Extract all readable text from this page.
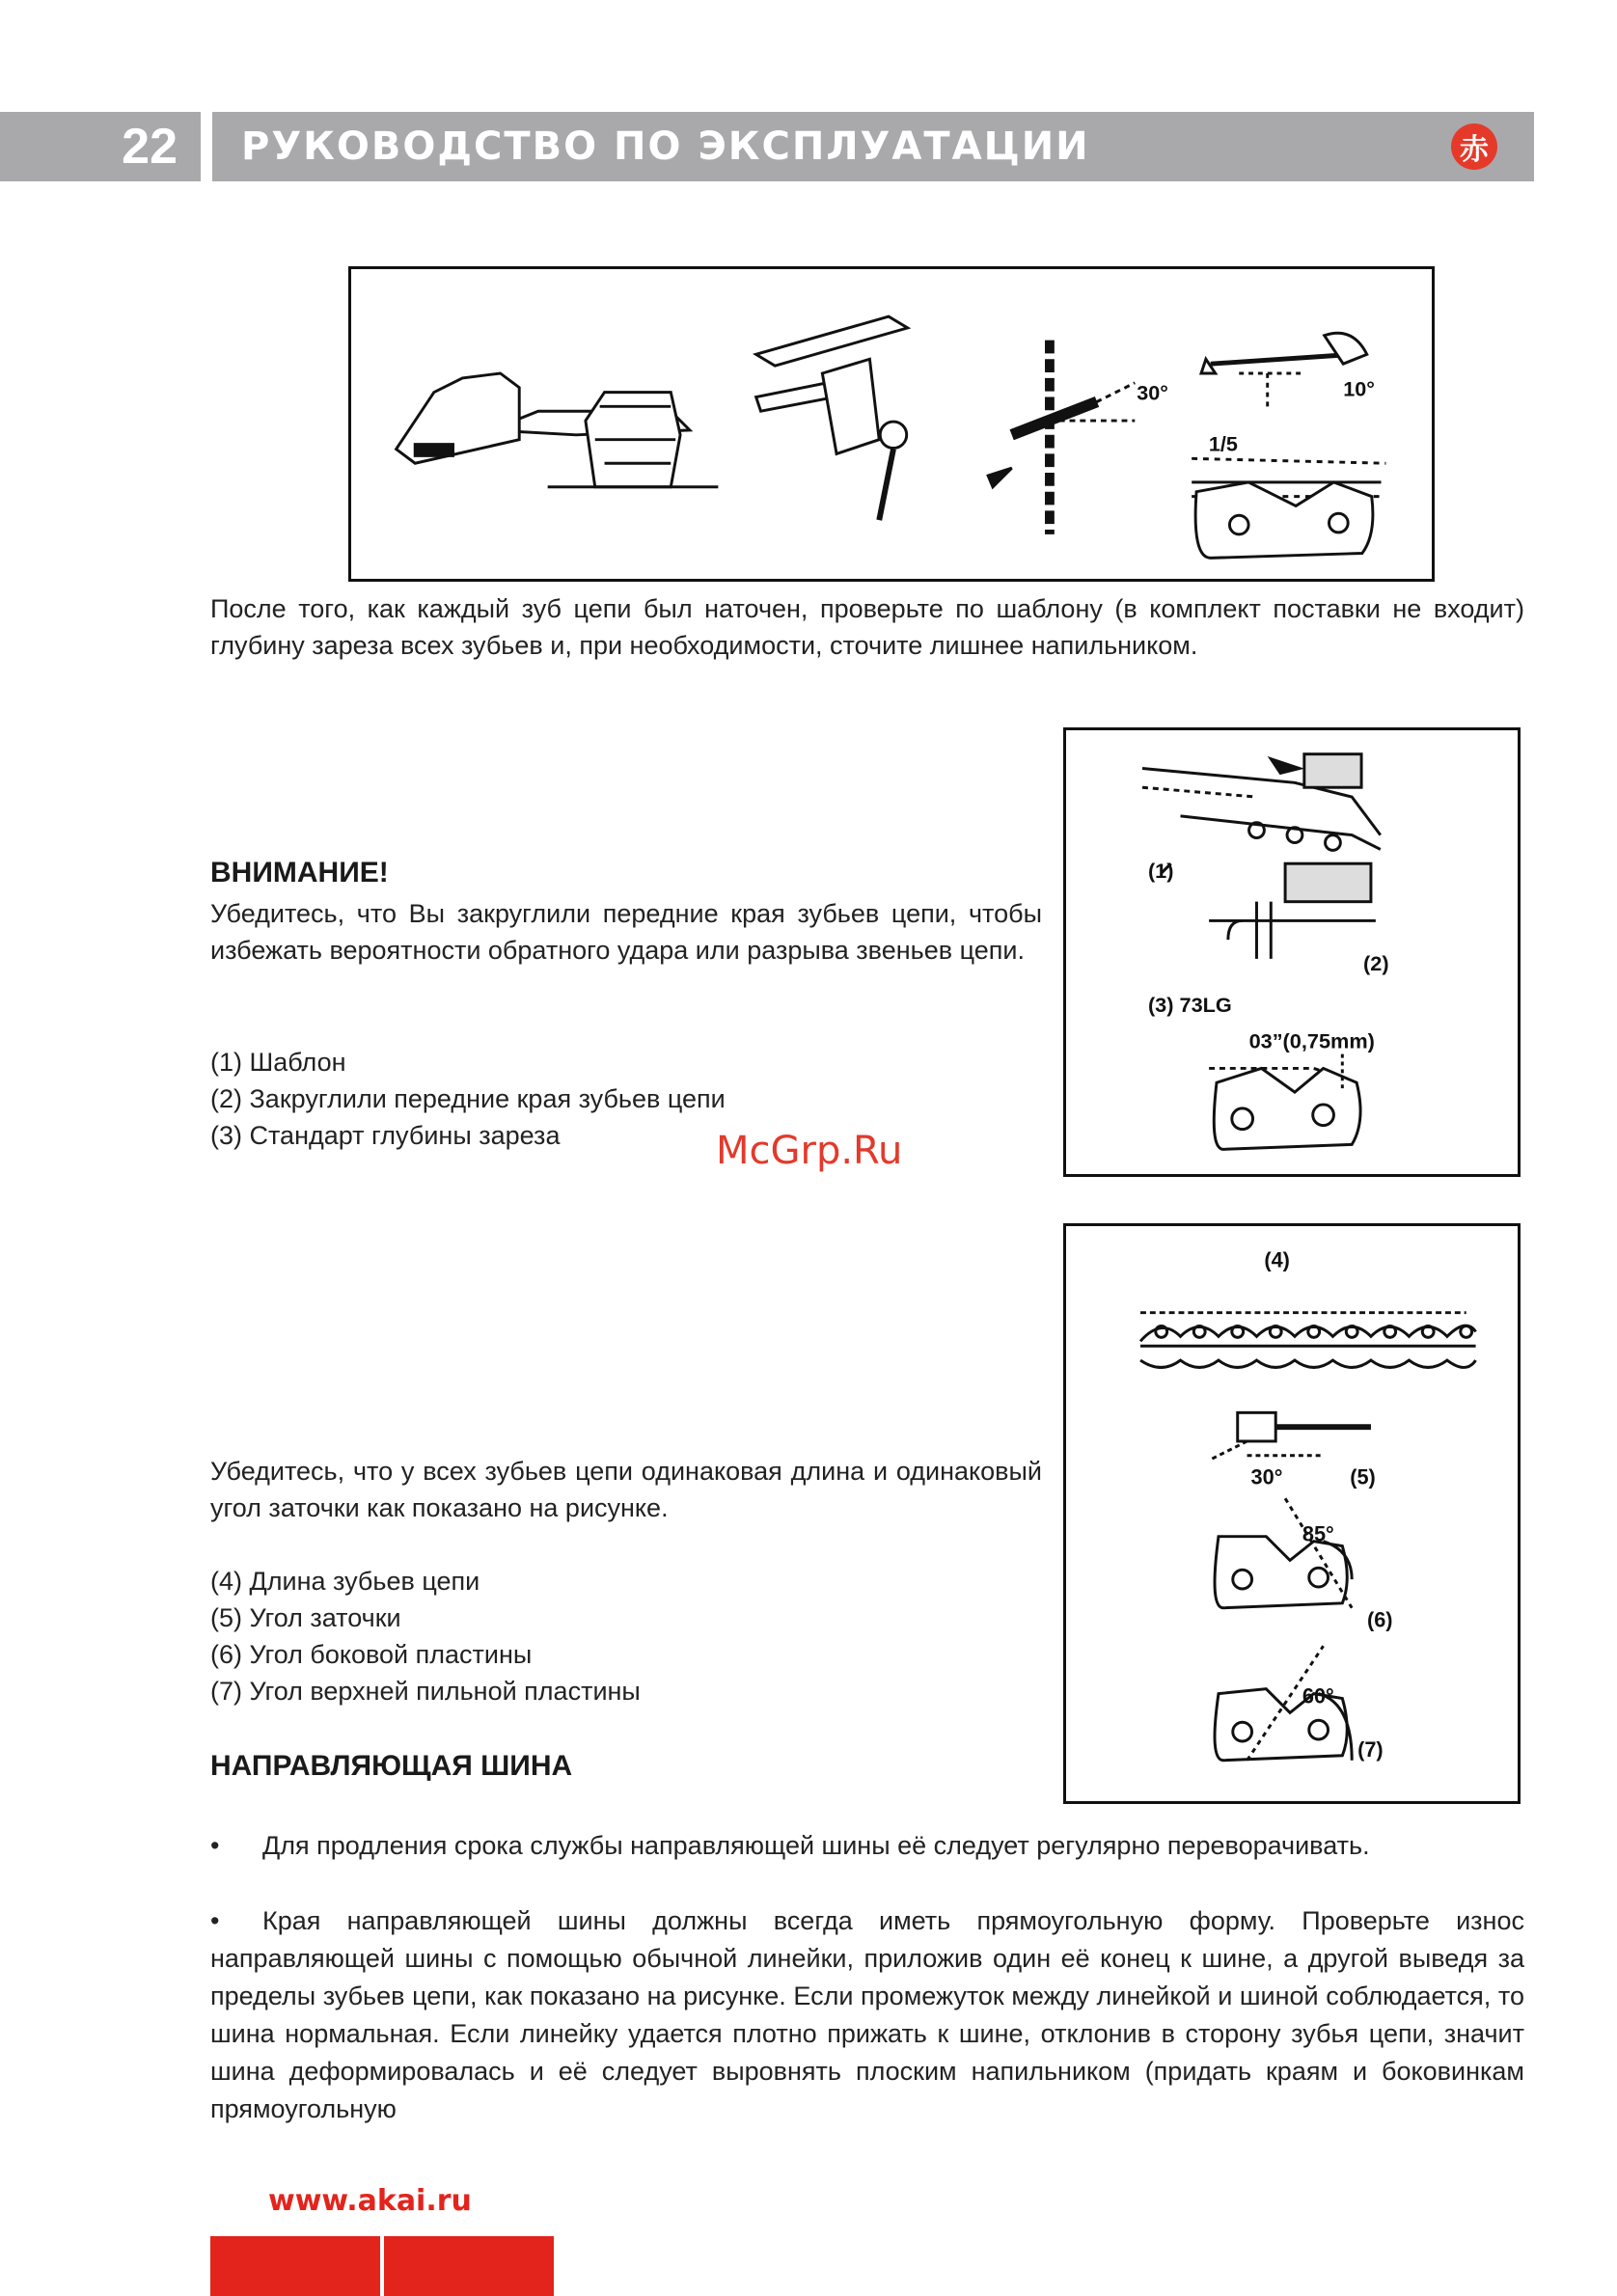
22 РУКОВОДСТВО ПО ЭКСПЛУАТАЦИИ	赤
30°	10°
1/5

После того, как каждый зуб цепи был наточен, проверьте по шаблону (в комплект поставки не входит) глубину зареза всех зубьев и, при необходимости, сточите лишнее напильником.

ВНИМАНИЕ!

Убедитесь, что Вы закруглили передние края зубьев цепи, чтобы избежать вероятности обратного удара или разрыва звеньев цепи.

(1) Шаблон
(2) Закруглили передние края зубьев цепи
(3) Стандарт глубины зареза
(1)
(2)
(3) 73LG
03”(0,75mm)
McGrp.Ru
(4)
30°	(5)
85°
(6)
60°
(7)

Убедитесь, что у всех зубьев цепи одинаковая длина и одинаковый угол заточки как показано на рисунке.

(4) Длина зубьев цепи
(5) Угол заточки
(6) Угол боковой пластины
(7) Угол верхней пильной пластины
НАПРАВЛЯЮЩАЯ ШИНА

• Для продления срока службы направляющей шины её следует регулярно переворачивать.

• Края направляющей шины должны всегда иметь прямоугольную форму. Проверьте износ направляющей шины с помощью обычной линейки, приложив один её конец к шине, а другой выведя за пределы зубьев цепи, как показано на рисунке. Если промежуток между линейкой и шиной соблюдается, то шина нормальная. Если линейку удается плотно прижать к шине, отклонив в сторону зубья цепи, значит шина деформировалась и её следует выровнять плоским напильником (придать краям и боковинкам прямоугольную

www.akai.ru
